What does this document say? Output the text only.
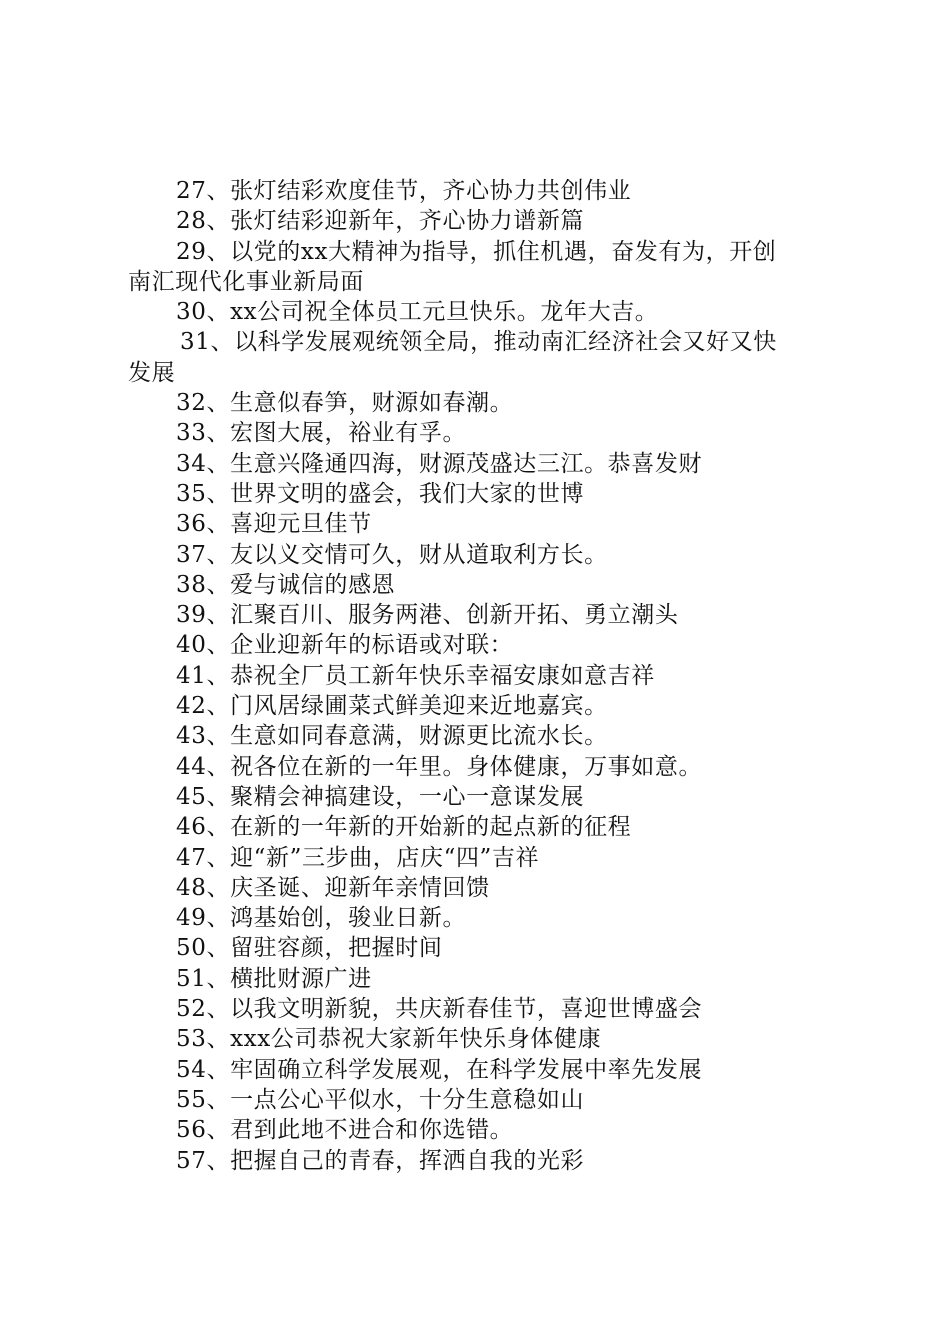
27、张灯结彩欢度佳节，齐心协力共创伟业
28、张灯结彩迎新年，齐心协力谱新篇
29、以党的xx大精神为指导，抓住机遇，奋发有为，开创
南汇现代化事业新局面
30、xx公司祝全体员工元旦快乐。龙年大吉。
31、以科学发展观统领全局，推动南汇经济社会又好又快
发展
32、生意似春笋，财源如春潮。
33、宏图大展，裕业有孚。
34、生意兴隆通四海，财源茂盛达三江。恭喜发财
35、世界文明的盛会，我们大家的世博
36、喜迎元旦佳节
37、友以义交情可久，财从道取利方长。
38、爱与诚信的感恩
39、汇聚百川、服务两港、创新开拓、勇立潮头
40、企业迎新年的标语或对联：
41、恭祝全厂员工新年快乐幸福安康如意吉祥
42、门风居绿圃菜式鲜美迎来近地嘉宾。
43、生意如同春意满，财源更比流水长。
44、祝各位在新的一年里。身体健康，万事如意。
45、聚精会神搞建设，一心一意谋发展
46、在新的一年新的开始新的起点新的征程
47、迎“新”三步曲，店庆“四”吉祥
48、庆圣诞、迎新年亲情回馈
49、鸿基始创，骏业日新。
50、留驻容颜，把握时间
51、横批财源广进
52、以我文明新貌，共庆新春佳节，喜迎世博盛会
53、xxx公司恭祝大家新年快乐身体健康
54、牢固确立科学发展观，在科学发展中率先发展
55、一点公心平似水，十分生意稳如山
56、君到此地不进合和你选错。
57、把握自己的青春，挥洒自我的光彩
